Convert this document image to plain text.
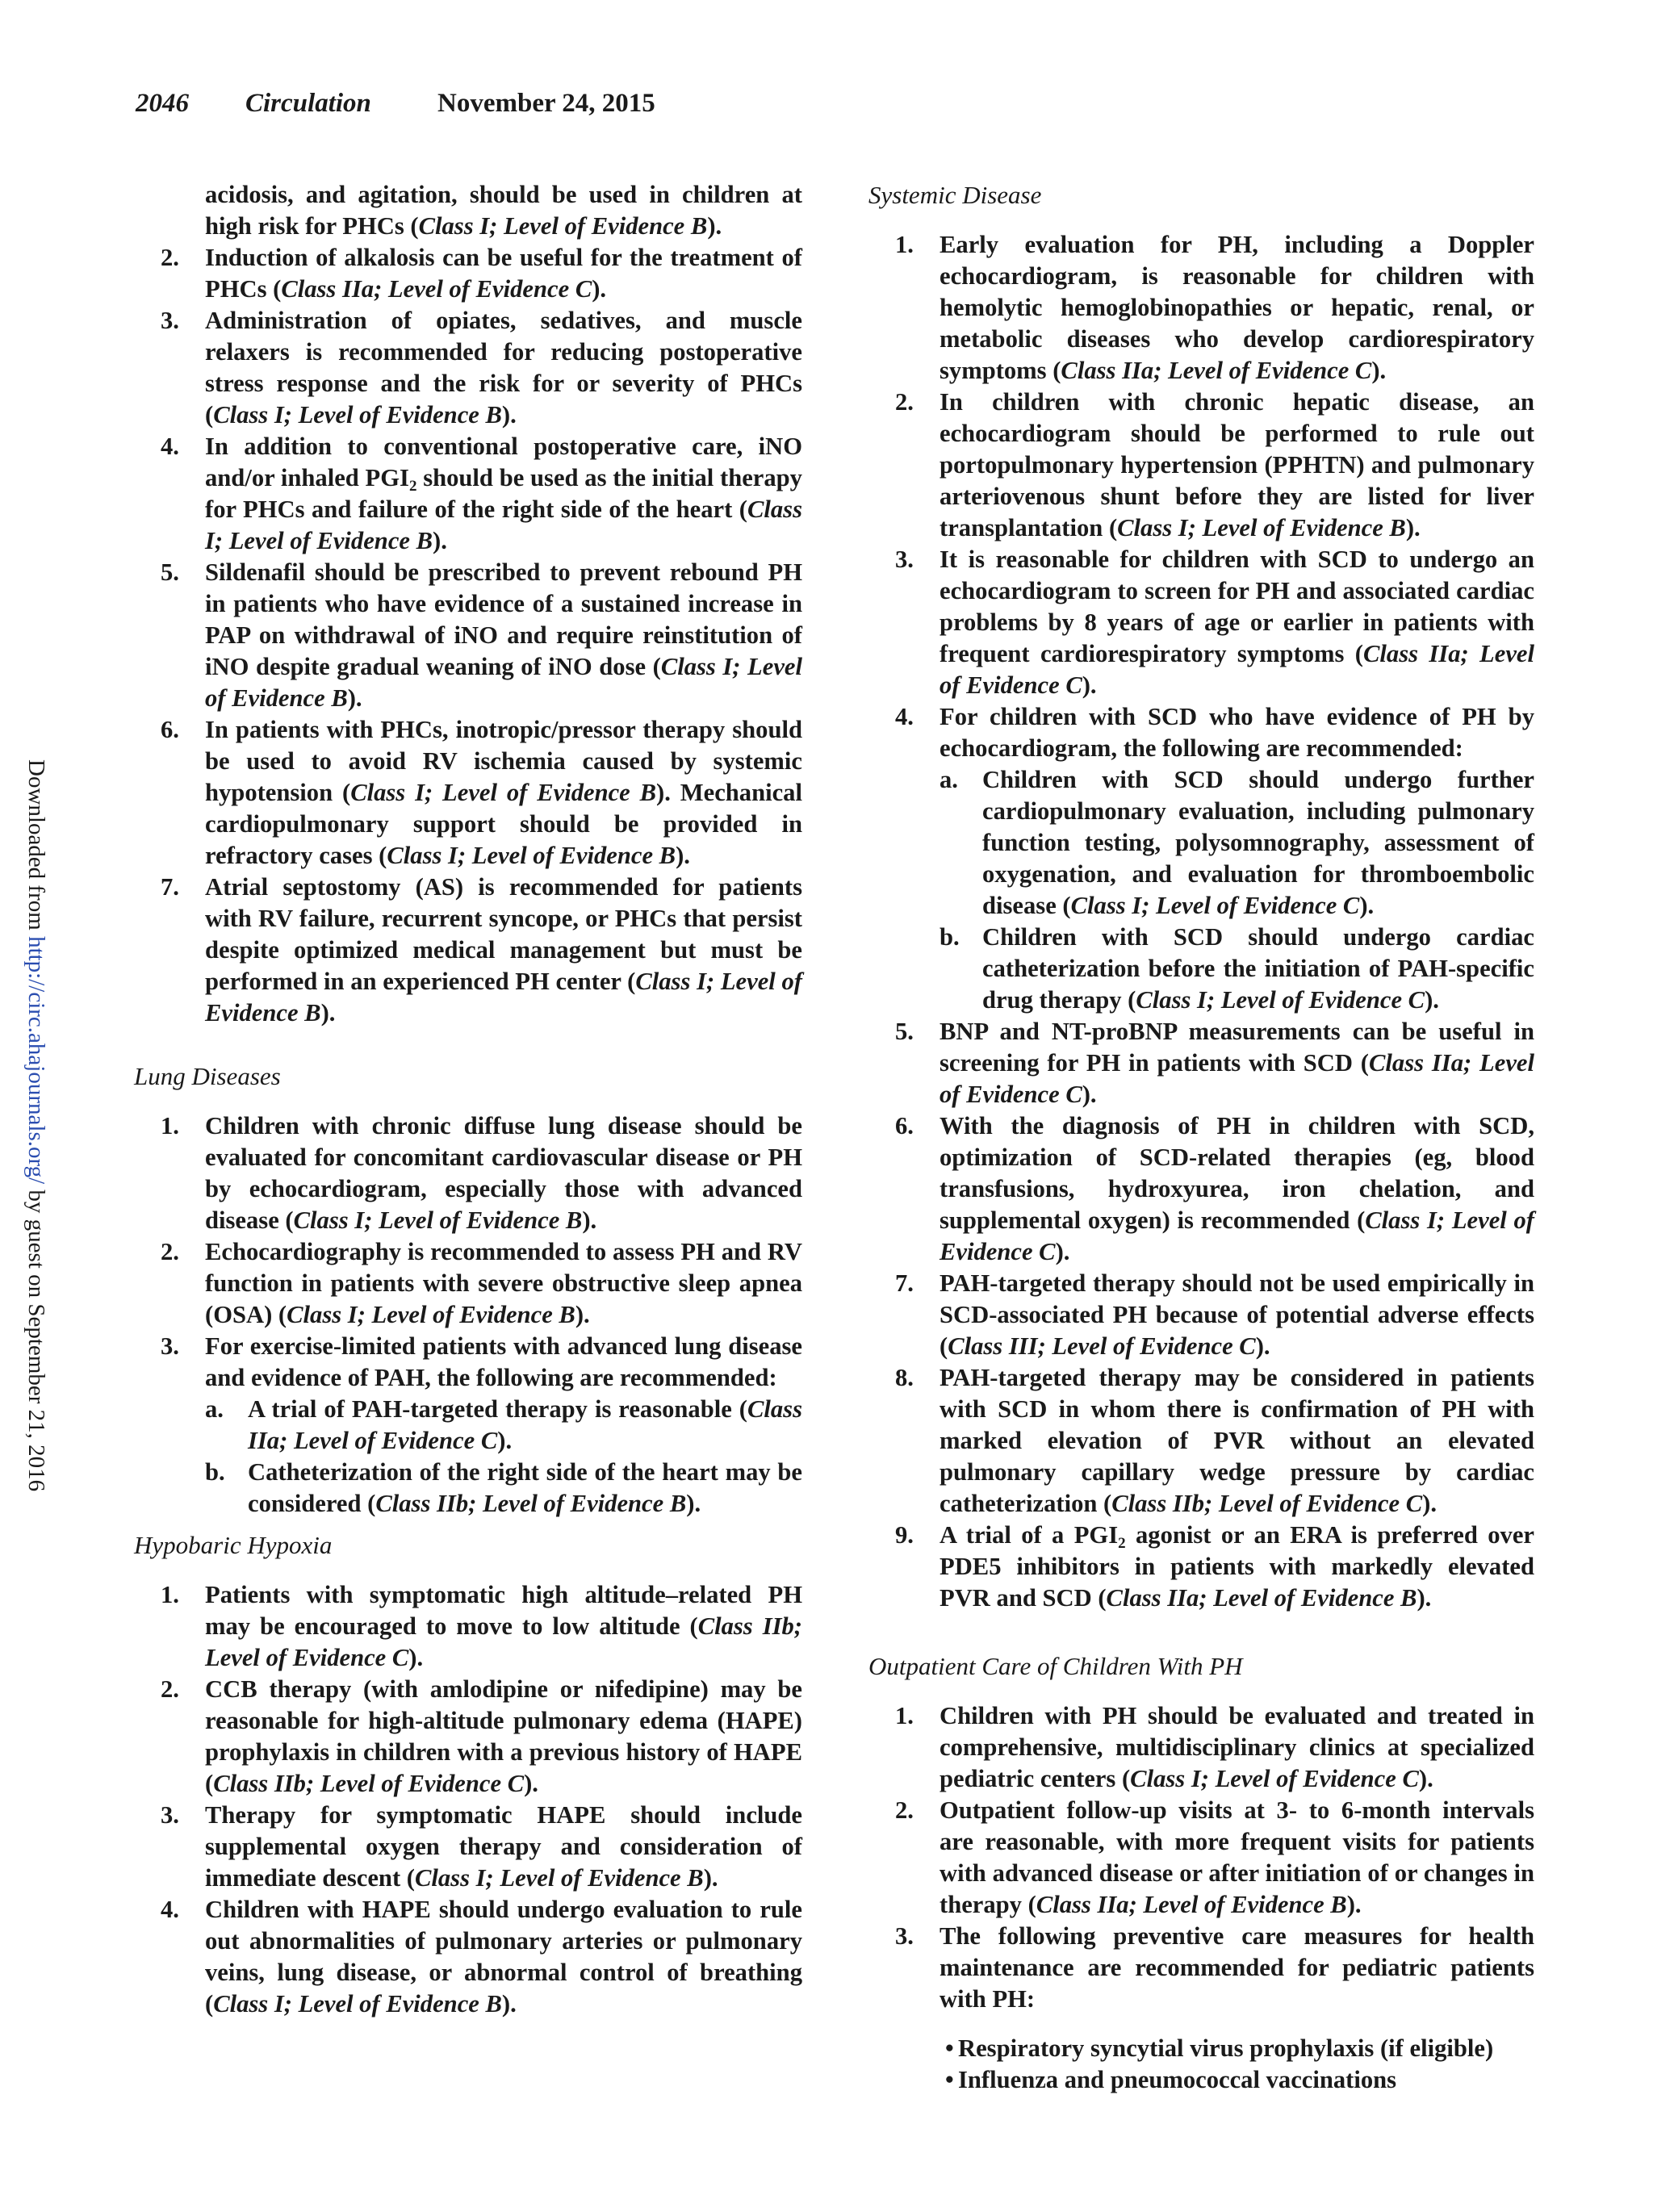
2046 Circulation November 24, 2015
Downloaded from http://circ.ahajournals.org/ by guest on September 21, 2016
acidosis, and agitation, should be used in children at high risk for PHCs (Class I; Level of Evidence B).
2. Induction of alkalosis can be useful for the treatment of PHCs (Class IIa; Level of Evidence C).
3. Administration of opiates, sedatives, and muscle relaxers is recommended for reducing postoperative stress response and the risk for or severity of PHCs (Class I; Level of Evidence B).
4. In addition to conventional postoperative care, iNO and/or inhaled $PGI_2$ should be used as the initial therapy for PHCs and failure of the right side of the heart (Class I; Level of Evidence B).
5. Sildenafil should be prescribed to prevent rebound PH in patients who have evidence of a sustained increase in PAP on withdrawal of iNO and require reinstitution of iNO despite gradual weaning of iNO dose (Class I; Level of Evidence B).
6. In patients with PHCs, inotropic/pressor therapy should be used to avoid RV ischemia caused by systemic hypotension (Class I; Level of Evidence B). Mechanical cardiopulmonary support should be provided in refractory cases (Class I; Level of Evidence B).
7. Atrial septostomy (AS) is recommended for patients with RV failure, recurrent syncope, or PHCs that persist despite optimized medical management but must be performed in an experienced PH center (Class I; Level of Evidence B).
Lung Diseases
1. Children with chronic diffuse lung disease should be evaluated for concomitant cardiovascular disease or PH by echocardiogram, especially those with advanced disease (Class I; Level of Evidence B).
2. Echocardiography is recommended to assess PH and RV function in patients with severe obstructive sleep apnea (OSA) (Class I; Level of Evidence B).
3. For exercise-limited patients with advanced lung disease and evidence of PAH, the following are recommended:
a. A trial of PAH-targeted therapy is reasonable (Class IIa; Level of Evidence C).
b. Catheterization of the right side of the heart may be considered (Class IIb; Level of Evidence B).
Hypobaric Hypoxia
1. Patients with symptomatic high altitude–related PH may be encouraged to move to low altitude (Class IIb; Level of Evidence C).
2. CCB therapy (with amlodipine or nifedipine) may be reasonable for high-altitude pulmonary edema (HAPE) prophylaxis in children with a previous history of HAPE (Class IIb; Level of Evidence C).
3. Therapy for symptomatic HAPE should include supplemental oxygen therapy and consideration of immediate descent (Class I; Level of Evidence B).
4. Children with HAPE should undergo evaluation to rule out abnormalities of pulmonary arteries or pulmonary veins, lung disease, or abnormal control of breathing (Class I; Level of Evidence B).
Systemic Disease
1. Early evaluation for PH, including a Doppler echocardiogram, is reasonable for children with hemolytic hemoglobinopathies or hepatic, renal, or metabolic diseases who develop cardiorespiratory symptoms (Class IIa; Level of Evidence C).
2. In children with chronic hepatic disease, an echocardiogram should be performed to rule out portopulmonary hypertension (PPHTN) and pulmonary arteriovenous shunt before they are listed for liver transplantation (Class I; Level of Evidence B).
3. It is reasonable for children with SCD to undergo an echocardiogram to screen for PH and associated cardiac problems by 8 years of age or earlier in patients with frequent cardiorespiratory symptoms (Class IIa; Level of Evidence C).
4. For children with SCD who have evidence of PH by echocardiogram, the following are recommended:
a. Children with SCD should undergo further cardiopulmonary evaluation, including pulmonary function testing, polysomnography, assessment of oxygenation, and evaluation for thromboembolic disease (Class I; Level of Evidence C).
b. Children with SCD should undergo cardiac catheterization before the initiation of PAH-specific drug therapy (Class I; Level of Evidence C).
5. BNP and NT-proBNP measurements can be useful in screening for PH in patients with SCD (Class IIa; Level of Evidence C).
6. With the diagnosis of PH in children with SCD, optimization of SCD-related therapies (eg, blood transfusions, hydroxyurea, iron chelation, and supplemental oxygen) is recommended (Class I; Level of Evidence C).
7. PAH-targeted therapy should not be used empirically in SCD-associated PH because of potential adverse effects (Class III; Level of Evidence C).
8. PAH-targeted therapy may be considered in patients with SCD in whom there is confirmation of PH with marked elevation of PVR without an elevated pulmonary capillary wedge pressure by cardiac catheterization (Class IIb; Level of Evidence C).
9. A trial of a $PGI_2$ agonist or an ERA is preferred over PDE5 inhibitors in patients with markedly elevated PVR and SCD (Class IIa; Level of Evidence B).
Outpatient Care of Children With PH
1. Children with PH should be evaluated and treated in comprehensive, multidisciplinary clinics at specialized pediatric centers (Class I; Level of Evidence C).
2. Outpatient follow-up visits at 3- to 6-month intervals are reasonable, with more frequent visits for patients with advanced disease or after initiation of or changes in therapy (Class IIa; Level of Evidence B).
3. The following preventive care measures for health maintenance are recommended for pediatric patients with PH:
• Respiratory syncytial virus prophylaxis (if eligible)
• Influenza and pneumococcal vaccinations
